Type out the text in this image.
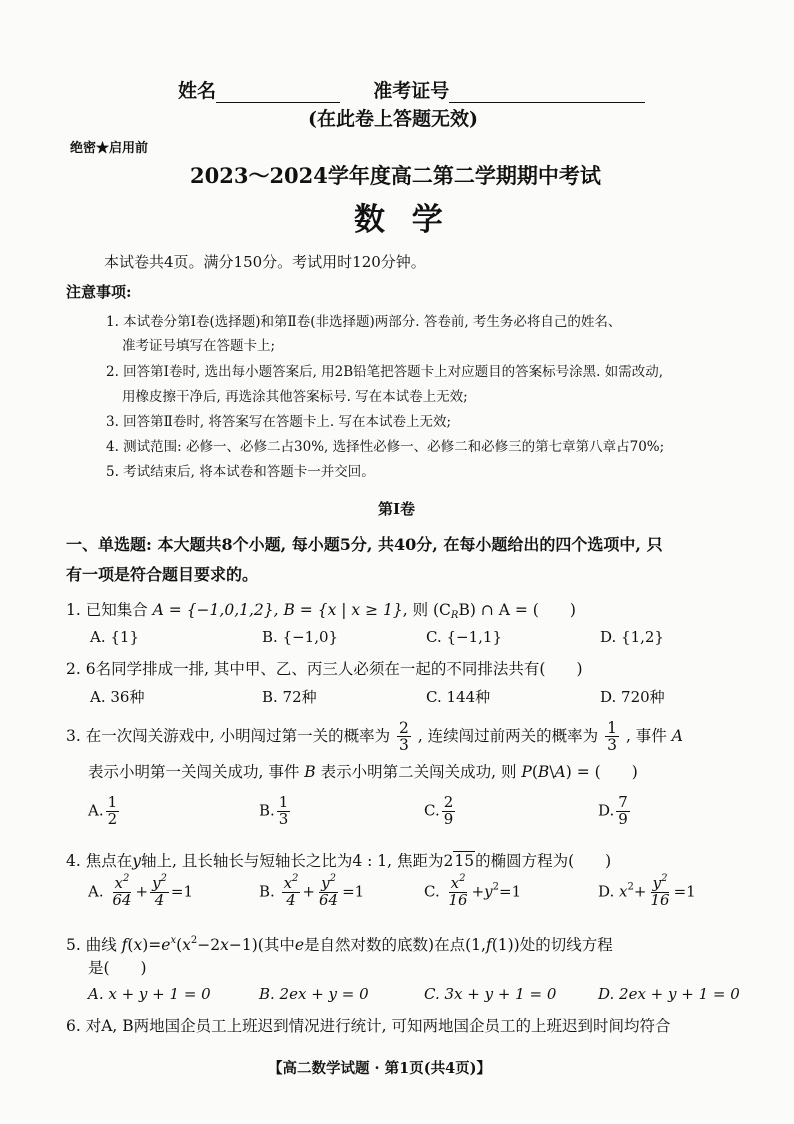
姓名	准考证号
(在此卷上答题无效)
绝密★启用前
2023～2024学年度高二第二学期期中考试
数 学
本试卷共4页。满分150分。考试用时120分钟。
注意事项:
1. 本试卷分第Ⅰ卷(选择题)和第Ⅱ卷(非选择题)两部分. 答卷前, 考生务必将自己的姓名、
准考证号填写在答题卡上;
2. 回答第Ⅰ卷时, 选出每小题答案后, 用2B铅笔把答题卡上对应题目的答案标号涂黑. 如需改动,
用橡皮擦干净后, 再选涂其他答案标号. 写在本试卷上无效;
3. 回答第Ⅱ卷时, 将答案写在答题卡上. 写在本试卷上无效;
4. 测试范围: 必修一、必修二占30%, 选择性必修一、必修二和必修三的第七章第八章占70%;
5. 考试结束后, 将本试卷和答题卡一并交回。
第Ⅰ卷
一、单选题: 本大题共8个小题, 每小题5分, 共40分, 在每小题给出的四个选项中, 只
有一项是符合题目要求的。
1. 已知集合 A = {−1,0,1,2}, B = {x | x ≥ 1}, 则 $(C_RB)$ ∩ A = (　　)
A. {1}	B. {−1,0}	C. {−1,1}	D. {1,2}
2. 6名同学排成一排, 其中甲、乙、丙三人必须在一起的不同排法共有(　　)
A. 36种	B. 72种	C. 144种	D. 720种
3. 在一次闯关游戏中, 小明闯过第一关的概率为 $\frac{2}{3}$ , 连续闯过前两关的概率为 $\frac{1}{3}$ , 事件 A
表示小明第一关闯关成功, 事件 B 表示小明第二关闯关成功, 则 P(B\A) = (　　)
A. $\frac{1}{2}$	B. $\frac{1}{3}$	C. $\frac{2}{9}$	D. $\frac{7}{9}$
4. 焦点在y轴上, 且长轴长与短轴长之比为4 : 1, 焦距为215的椭圆方程为(　　)
A. $\frac{x^2}{64} + \frac{y^2}{4} =1$	B. $\frac{x^2}{4} + \frac{y^2}{64} =1$	C. $\frac{x^2}{16} +y^2=1$	D. $x^2+ \frac{y^2}{16} =1$
5. 曲线 $f(x)=e^x(x^2-2x-1)$(其中e是自然对数的底数)在点(1,f(1))处的切线方程
是(　　)
A. x + y + 1 = 0	B. 2ex + y = 0	C. 3x + y + 1 = 0	D. 2ex + y + 1 = 0
6. 对A, B两地国企员工上班迟到情况进行统计, 可知两地国企员工的上班迟到时间均符合
【高二数学试题 · 第1页(共4页)】
